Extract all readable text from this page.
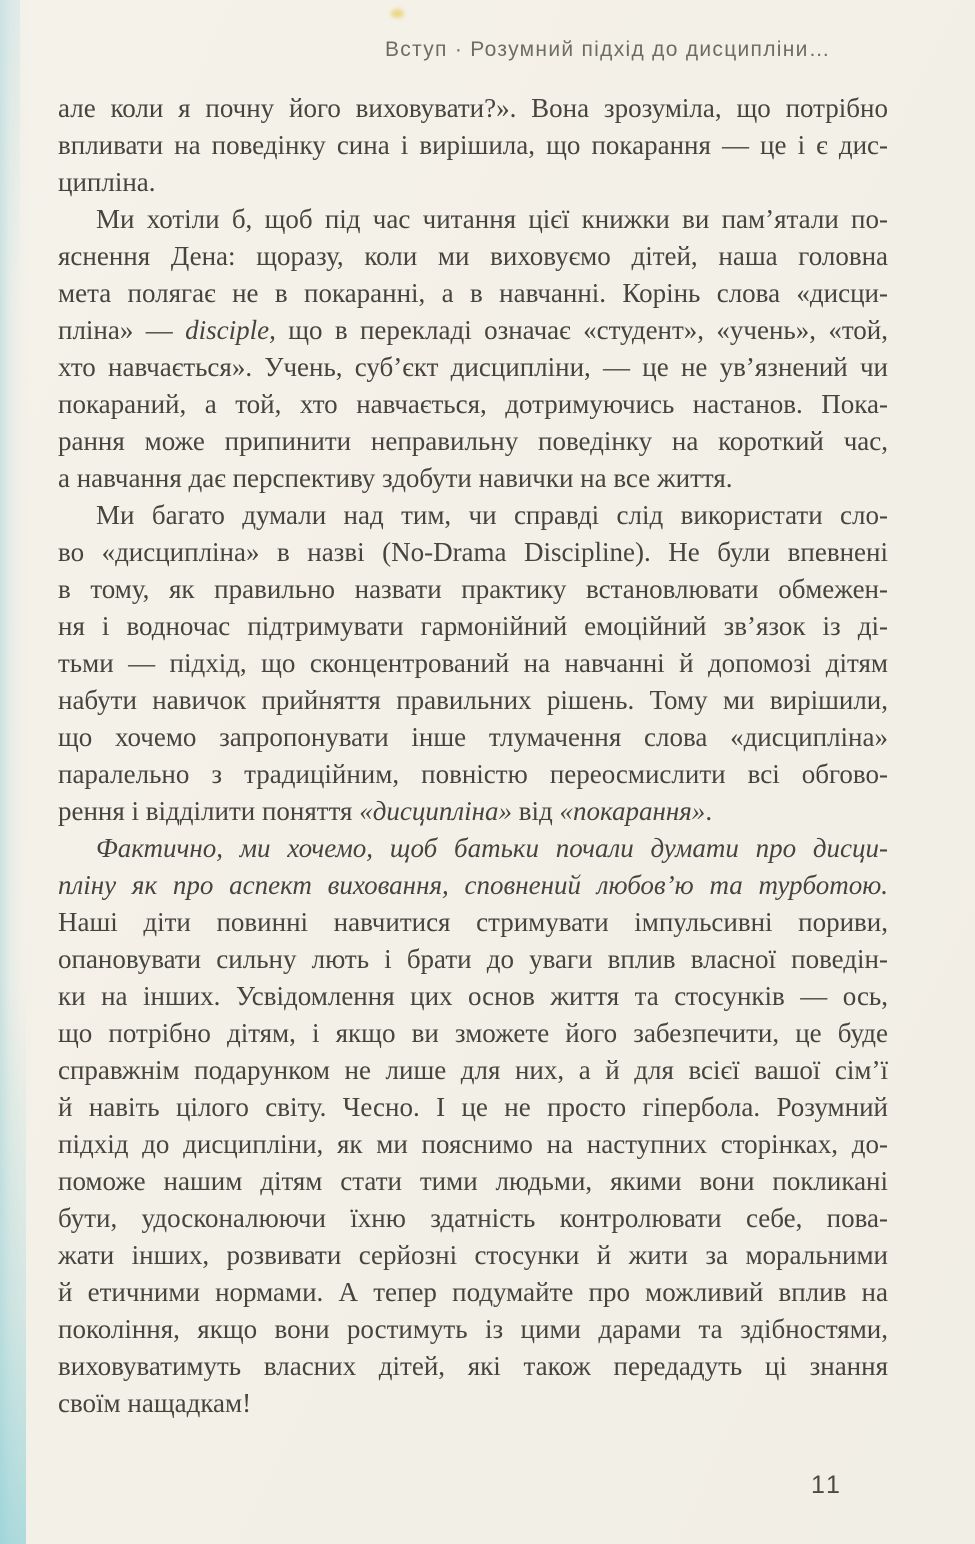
Вступ · Розумний підхід до дисципліни…
але коли я почну його виховувати?». Вона зрозуміла, що потрібно
впливати на поведінку сина і вирішила, що покарання — це і є дис-
ципліна.
Ми хотіли б, щоб під час читання цієї книжки ви пам’ятали по-
яснення Дена: щоразу, коли ми виховуємо дітей, наша головна
мета полягає не в покаранні, а в навчанні. Корінь слова «дисци-
пліна» — disciple, що в перекладі означає «студент», «учень», «той,
хто навчається». Учень, суб’єкт дисципліни, — це не ув’язнений чи
покараний, а той, хто навчається, дотримуючись настанов. Пока-
рання може припинити неправильну поведінку на короткий час,
а навчання дає перспективу здобути навички на все життя.
Ми багато думали над тим, чи справді слід використати сло-
во «дисципліна» в назві (No-Drama Discipline). Не були впевнені
в тому, як правильно назвати практику встановлювати обмежен-
ня і водночас підтримувати гармонійний емоційний зв’язок із ді-
тьми — підхід, що сконцентрований на навчанні й допомозі дітям
набути навичок прийняття правильних рішень. Тому ми вирішили,
що хочемо запропонувати інше тлумачення слова «дисципліна»
паралельно з традиційним, повністю переосмислити всі обгово-
рення і відділити поняття «дисципліна» від «покарання».
Фактично, ми хочемо, щоб батьки почали думати про дисци-
пліну як про аспект виховання, сповнений любов’ю та турботою.
Наші діти повинні навчитися стримувати імпульсивні пориви,
опановувати сильну лють і брати до уваги вплив власної поведін-
ки на інших. Усвідомлення цих основ життя та стосунків — ось,
що потрібно дітям, і якщо ви зможете його забезпечити, це буде
справжнім подарунком не лише для них, а й для всієї вашої сім’ї
й навіть цілого світу. Чесно. І це не просто гіпербола. Розумний
підхід до дисципліни, як ми пояснимо на наступних сторінках, до-
поможе нашим дітям стати тими людьми, якими вони покликані
бути, удосконалюючи їхню здатність контролювати себе, пова-
жати інших, розвивати серйозні стосунки й жити за моральними
й етичними нормами. А тепер подумайте про можливий вплив на
покоління, якщо вони ростимуть із цими дарами та здібностями,
виховуватимуть власних дітей, які також передадуть ці знання
своїм нащадкам!
11
